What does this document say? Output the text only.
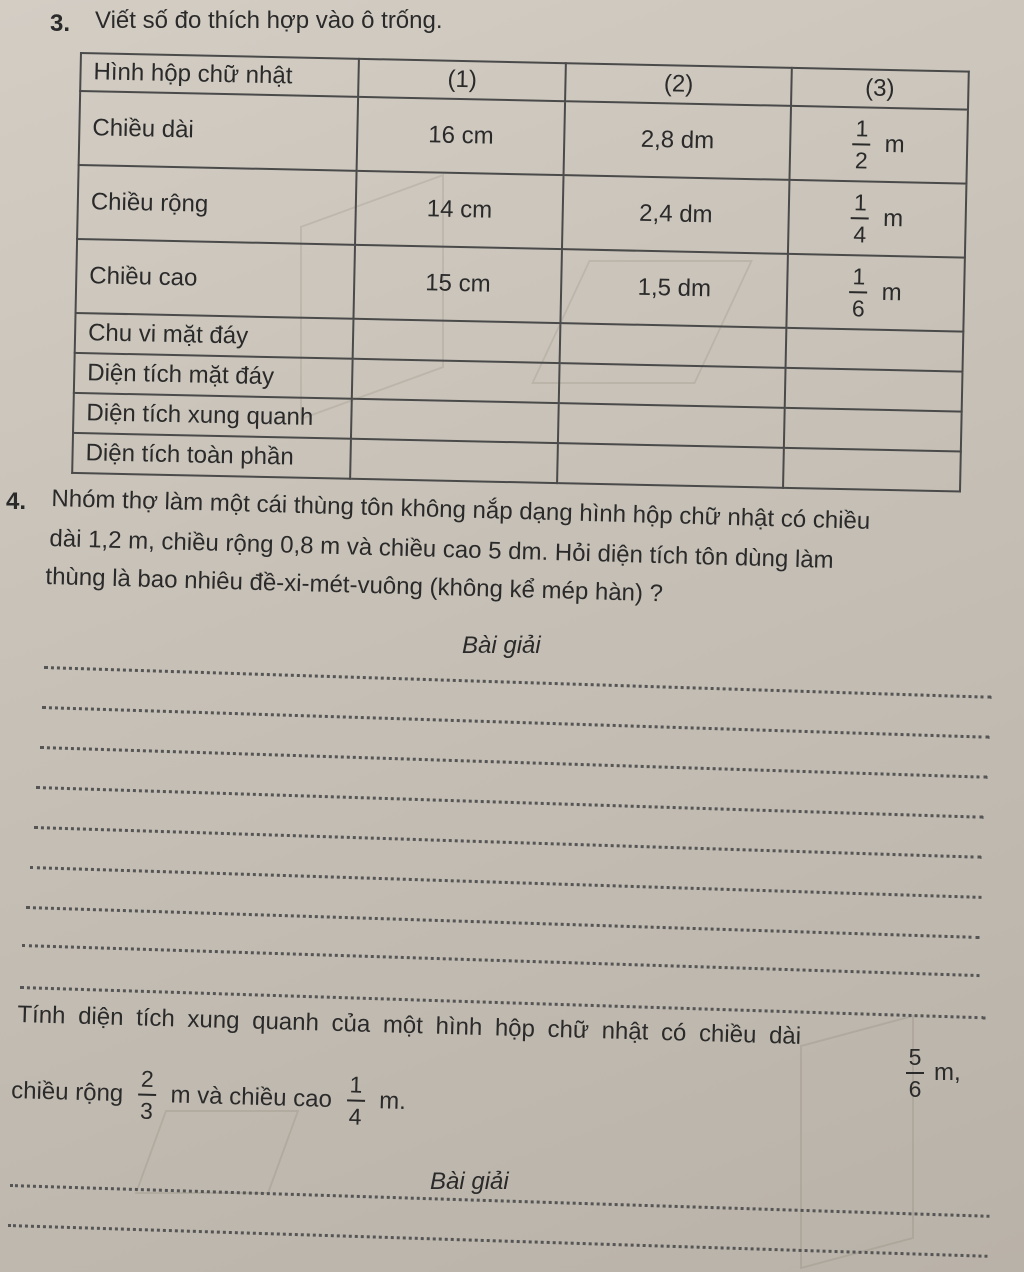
3. Viết số đo thích hợp vào ô trống.
Hình hộp chữ nhật	(1)	(2)	(3)
Chiều dài	16 cm	2,8 dm	$\frac{1}{2}$ m
Chiều rộng	14 cm	2,4 dm	$\frac{1}{4}$ m
Chiều cao	15 cm	1,5 dm	$\frac{1}{6}$ m
Chu vi mặt đáy			
Diện tích mặt đáy			
Diện tích xung quanh			
Diện tích toàn phần			
4. Nhóm thợ làm một cái thùng tôn không nắp dạng hình hộp chữ nhật có chiều
dài 1,2 m, chiều rộng 0,8 m và chiều cao 5 dm. Hỏi diện tích tôn dùng làm
thùng là bao nhiêu đề-xi-mét-vuông (không kể mép hàn) ?
Bài giải
Tính diện tích xung quanh của một hình hộp chữ nhật có chiều dài
$\frac{5}{6} m$,
chiều rộng $\frac{2}{3}$ m và chiều cao $\frac{1}{4} m$.
Bài giải
